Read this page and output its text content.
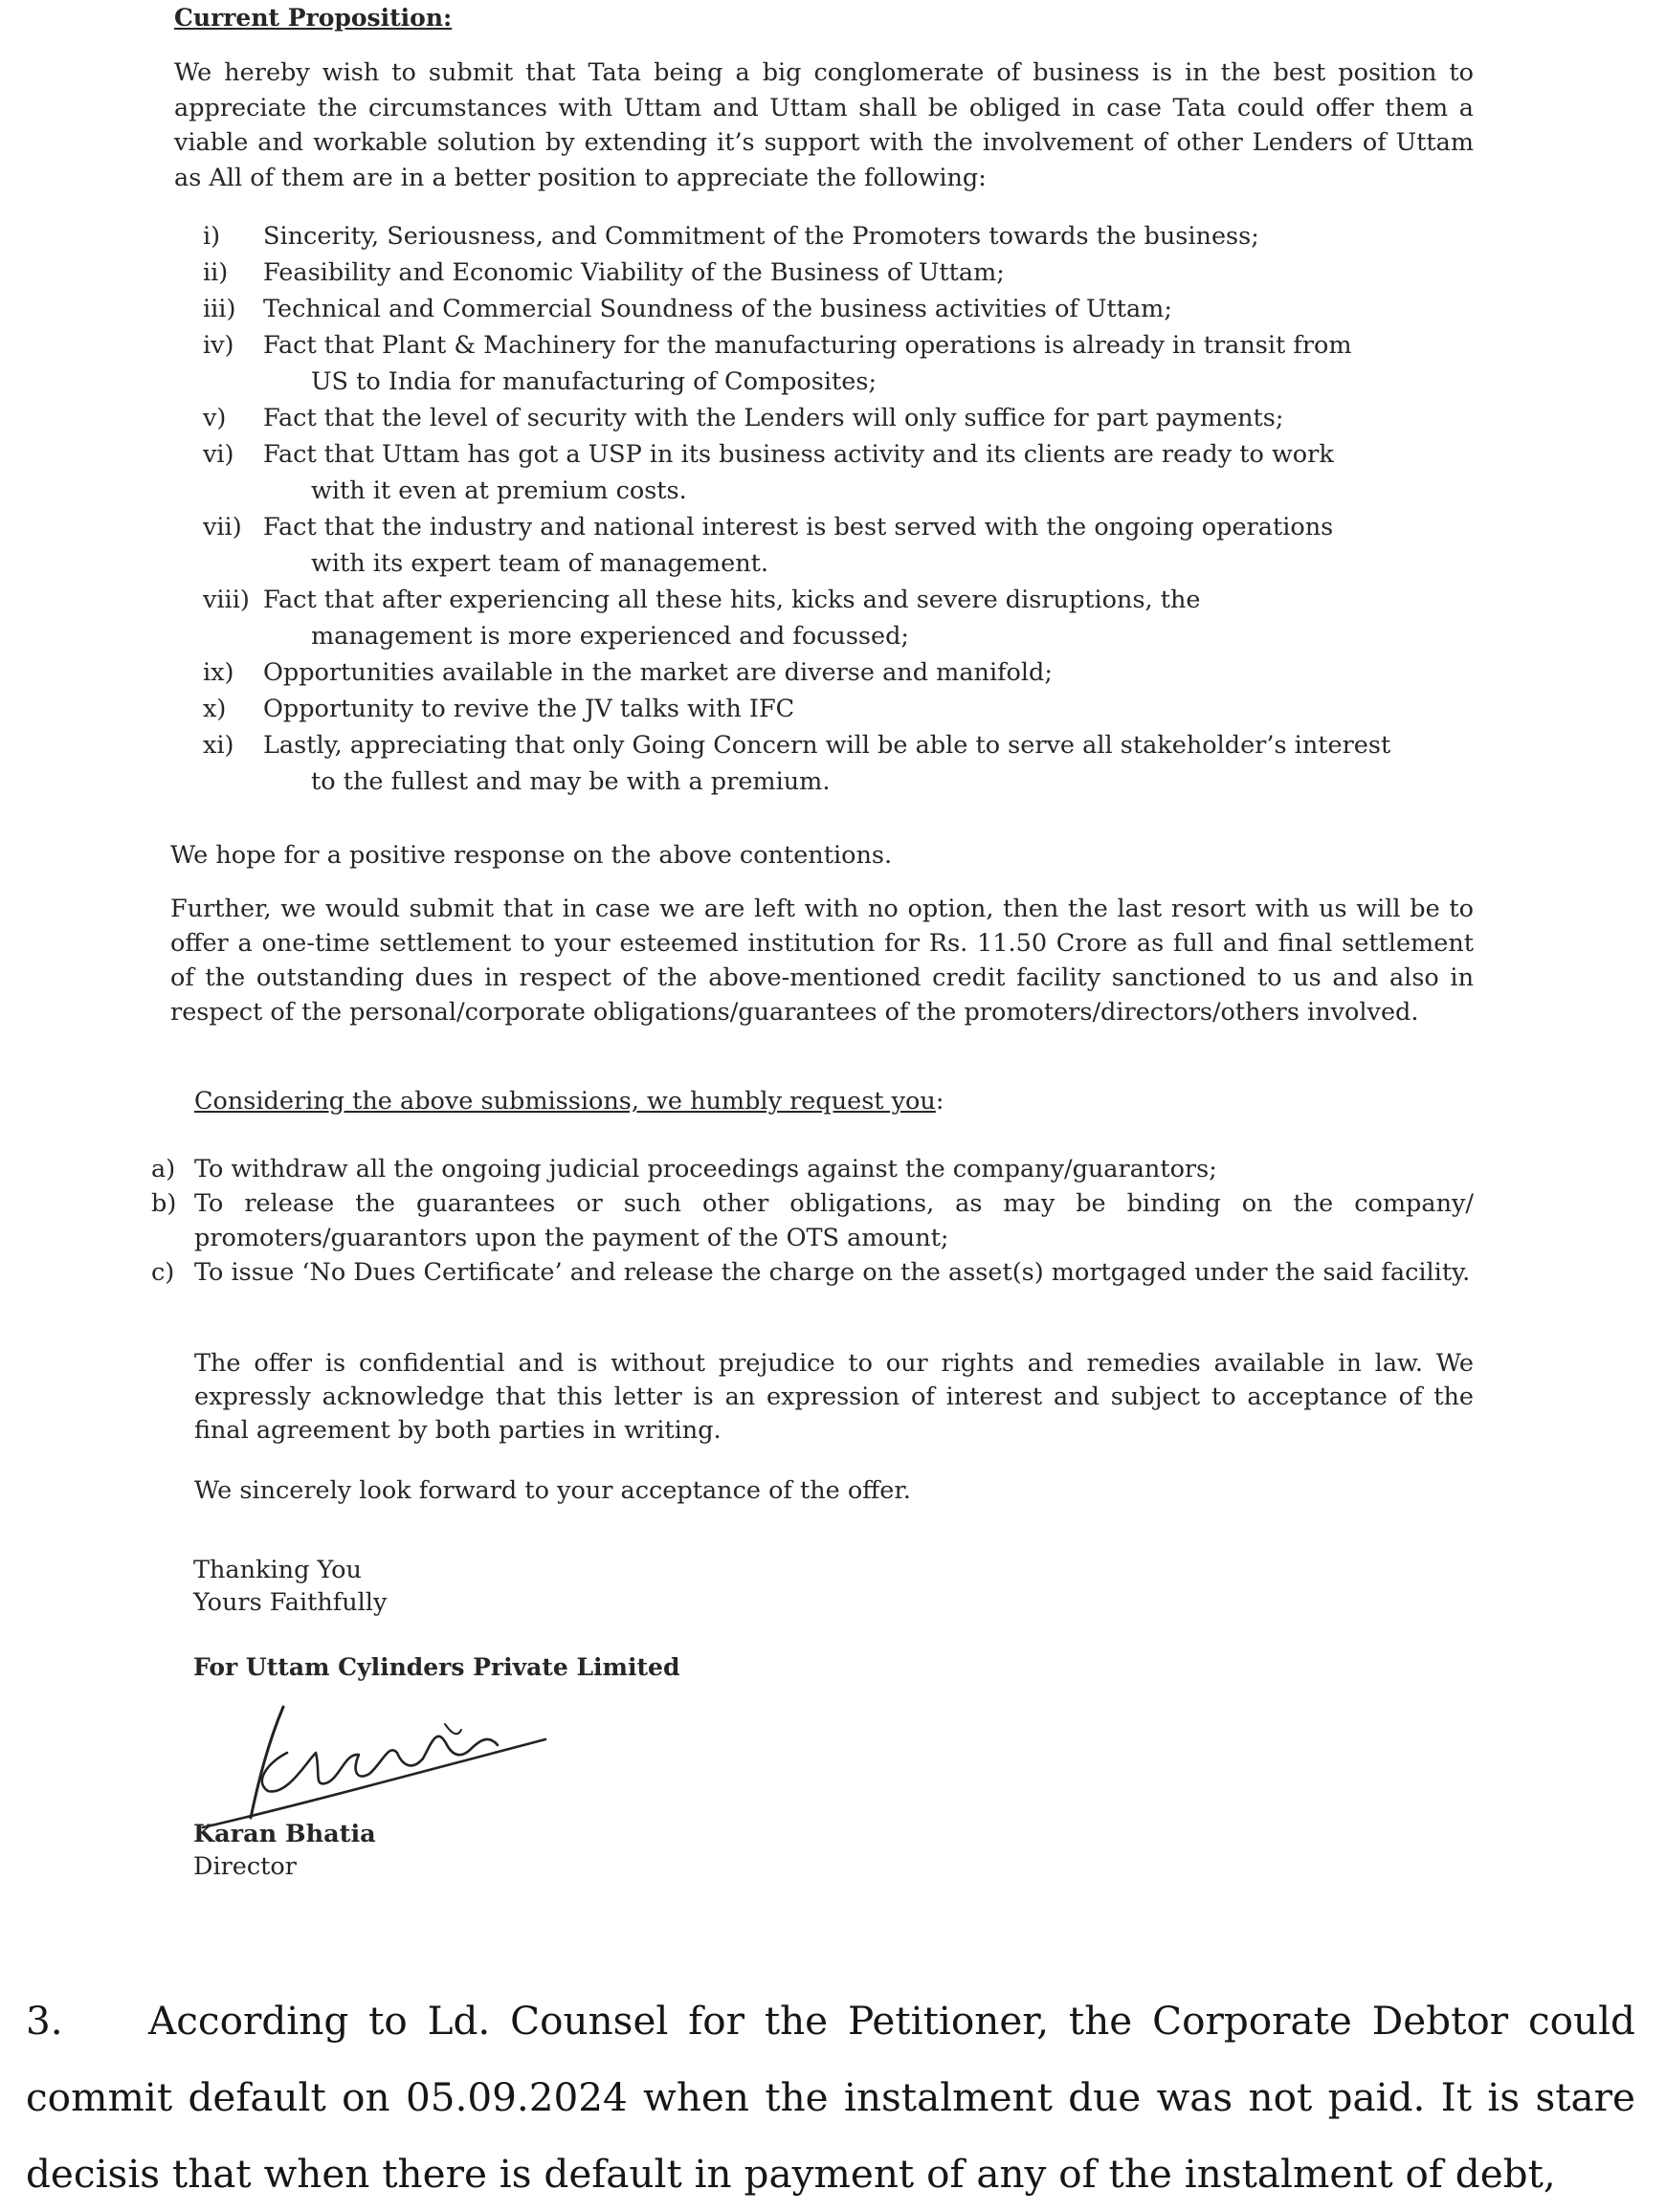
Current Proposition:

We hereby wish to submit that Tata being a big conglomerate of business is in the best position to appreciate the circumstances with Uttam and Uttam shall be obliged in case Tata could offer them a viable and workable solution by extending it’s support with the involvement of other Lenders of Uttam as All of them are in a better position to appreciate the following:

i) Sincerity, Seriousness, and Commitment of the Promoters towards the business;
ii) Feasibility and Economic Viability of the Business of Uttam;
iii) Technical and Commercial Soundness of the business activities of Uttam;
iv) Fact that Plant & Machinery for the manufacturing operations is already in transit from
US to India for manufacturing of Composites;
v) Fact that the level of security with the Lenders will only suffice for part payments;
vi) Fact that Uttam has got a USP in its business activity and its clients are ready to work
with it even at premium costs.
vii) Fact that the industry and national interest is best served with the ongoing operations
with its expert team of management.
viii) Fact that after experiencing all these hits, kicks and severe disruptions, the
management is more experienced and focussed;
ix) Opportunities available in the market are diverse and manifold;
x) Opportunity to revive the JV talks with IFC
xi) Lastly, appreciating that only Going Concern will be able to serve all stakeholder’s interest
to the fullest and may be with a premium.

We hope for a positive response on the above contentions.

Further, we would submit that in case we are left with no option, then the last resort with us will be to offer a one-time settlement to your esteemed institution for Rs. 11.50 Crore as full and final settlement of the outstanding dues in respect of the above-mentioned credit facility sanctioned to us and also in respect of the personal/corporate obligations/guarantees of the promoters/directors/others involved.

Considering the above submissions, we humbly request you:

a) To withdraw all the ongoing judicial proceedings against the company/guarantors;
b) To release the guarantees or such other obligations, as may be binding on the company/ promoters/guarantors upon the payment of the OTS amount;
c) To issue ‘No Dues Certificate’ and release the charge on the asset(s) mortgaged under the said facility.

The offer is confidential and is without prejudice to our rights and remedies available in law. We expressly acknowledge that this letter is an expression of interest and subject to acceptance of the final agreement by both parties in writing.

We sincerely look forward to your acceptance of the offer.

Thanking You
Yours Faithfully
For Uttam Cylinders Private Limited
Karan Bhatia
Director

3. According to Ld. Counsel for the Petitioner, the Corporate Debtor could commit default on 05.09.2024 when the instalment due was not paid. It is stare decisis that when there is default in payment of any of the instalment of debt,
